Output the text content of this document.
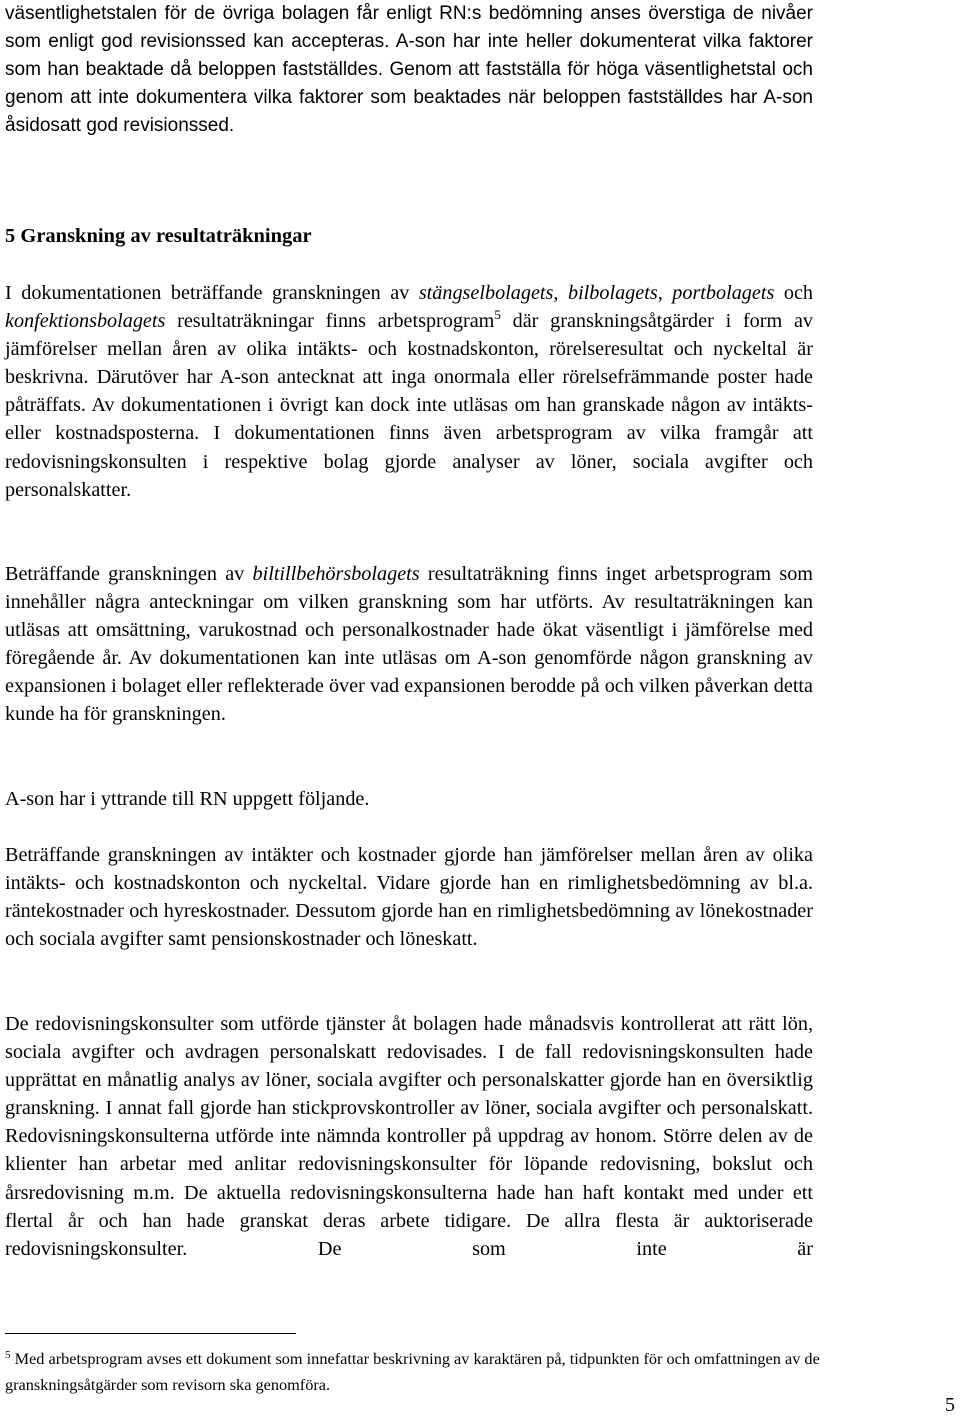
väsentlighetstalen för de övriga bolagen får enligt RN:s bedömning anses överstiga de nivåer som enligt god revisionssed kan accepteras. A-son har inte heller dokumenterat vilka faktorer som han beaktade då beloppen fastställdes. Genom att fastställa för höga väsentlighetstal och genom att inte dokumentera vilka faktorer som beaktades när beloppen fastställdes har A-son åsidosatt god revisionssed.

5 Granskning av resultaträkningar

I dokumentationen beträffande granskningen av stängselbolagets, bilbolagets, portbolagets och konfektionsbolagets resultaträkningar finns arbetsprogram$^5$ där granskningsåtgärder i form av jämförelser mellan åren av olika intäkts- och kostnadskonton, rörelseresultat och nyckeltal är beskrivna. Därutöver har A-son antecknat att inga onormala eller rörelsefrämmande poster hade påträffats. Av dokumentationen i övrigt kan dock inte utläsas om han granskade någon av intäkts- eller kostnadsposterna. I dokumentationen finns även arbetsprogram av vilka framgår att redovisningskonsulten i respektive bolag gjorde analyser av löner, sociala avgifter och personalskatter.

Beträffande granskningen av biltillbehörsbolagets resultaträkning finns inget arbetsprogram som innehåller några anteckningar om vilken granskning som har utförts. Av resultaträkningen kan utläsas att omsättning, varukostnad och personalkostnader hade ökat väsentligt i jämförelse med föregående år. Av dokumentationen kan inte utläsas om A-son genomförde någon granskning av expansionen i bolaget eller reflekterade över vad expansionen berodde på och vilken påverkan detta kunde ha för granskningen.

A-son har i yttrande till RN uppgett följande.

Beträffande granskningen av intäkter och kostnader gjorde han jämförelser mellan åren av olika intäkts- och kostnadskonton och nyckeltal. Vidare gjorde han en rimlighetsbedömning av bl.a. räntekostnader och hyreskostnader. Dessutom gjorde han en rimlighetsbedömning av lönekostnader och sociala avgifter samt pensionskostnader och löneskatt.

De redovisningskonsulter som utförde tjänster åt bolagen hade månadsvis kontrollerat att rätt lön, sociala avgifter och avdragen personalskatt redovisades. I de fall redovisningskonsulten hade upprättat en månatlig analys av löner, sociala avgifter och personalskatter gjorde han en översiktlig granskning. I annat fall gjorde han stickprovskontroller av löner, sociala avgifter och personalskatt. Redovisningskonsulterna utförde inte nämnda kontroller på uppdrag av honom. Större delen av de klienter han arbetar med anlitar redovisningskonsulter för löpande redovisning, bokslut och årsredovisning m.m. De aktuella redovisningskonsulterna hade han haft kontakt med under ett flertal år och han hade granskat deras arbete tidigare. De allra flesta är auktoriserade redovisningskonsulter. De som inte är

$^5$ Med arbetsprogram avses ett dokument som innefattar beskrivning av karaktären på, tidpunkten för och omfattningen av de granskningsåtgärder som revisorn ska genomföra.

5
